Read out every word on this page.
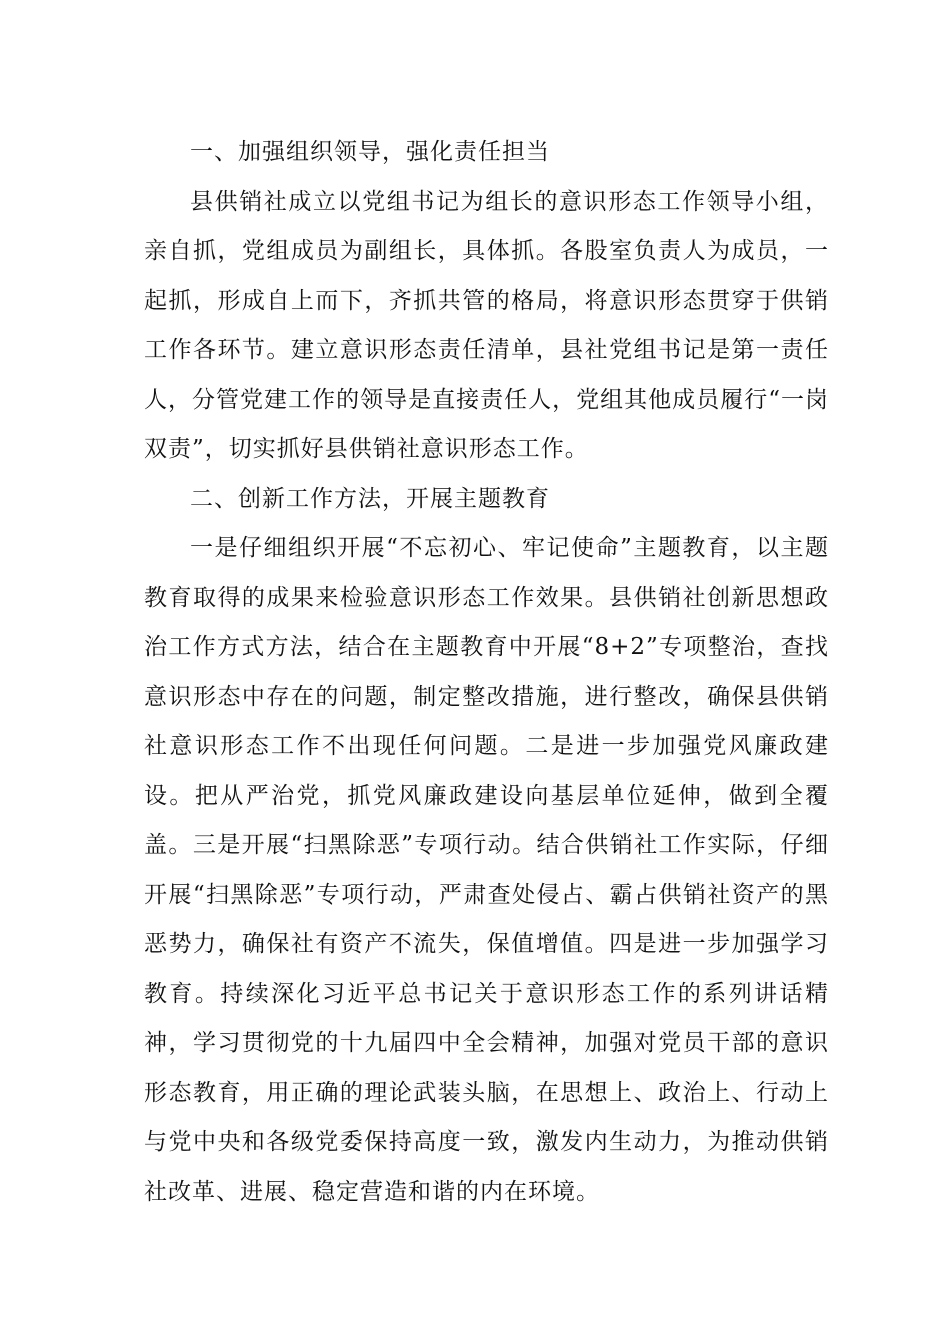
一、加强组织领导，强化责任担当

县供销社成立以党组书记为组长的意识形态工作领导小组，亲自抓，党组成员为副组长，具体抓。各股室负责人为成员，一起抓，形成自上而下，齐抓共管的格局，将意识形态贯穿于供销工作各环节。建立意识形态责任清单，县社党组书记是第一责任人，分管党建工作的领导是直接责任人，党组其他成员履行“一岗双责”，切实抓好县供销社意识形态工作。

二、创新工作方法，开展主题教育

一是仔细组织开展“不忘初心、牢记使命”主题教育，以主题教育取得的成果来检验意识形态工作效果。县供销社创新思想政治工作方式方法，结合在主题教育中开展“8+2”专项整治，查找意识形态中存在的问题，制定整改措施，进行整改，确保县供销社意识形态工作不出现任何问题。二是进一步加强党风廉政建设。把从严治党，抓党风廉政建设向基层单位延伸，做到全覆盖。三是开展“扫黑除恶”专项行动。结合供销社工作实际，仔细开展“扫黑除恶”专项行动，严肃查处侵占、霸占供销社资产的黑恶势力，确保社有资产不流失，保值增值。四是进一步加强学习教育。持续深化习近平总书记关于意识形态工作的系列讲话精神，学习贯彻党的十九届四中全会精神，加强对党员干部的意识形态教育，用正确的理论武装头脑，在思想上、政治上、行动上与党中央和各级党委保持高度一致，激发内生动力，为推动供销社改革、进展、稳定营造和谐的内在环境。
